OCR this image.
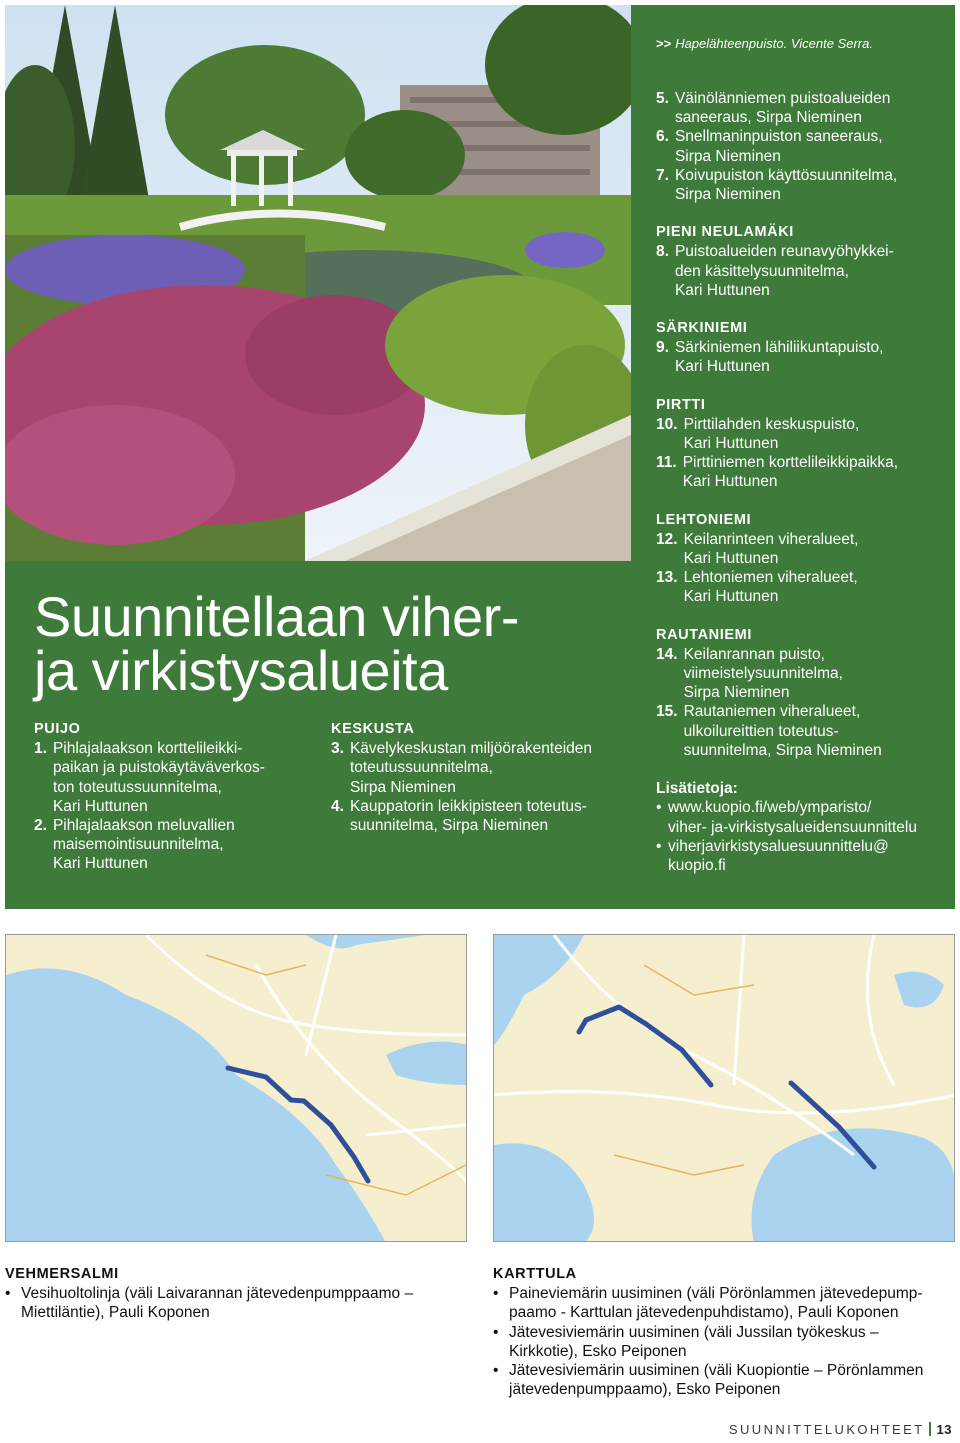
>> Hapelähteenpuisto. Vicente Serra.
Suunnitellaan viher-
ja virkistysalueita
PUIJO
1. Pihlajalaakson korttelileikki-
paikan ja puistokäytäväverkos-
ton toteutussuunnitelma,
Kari Huttunen
2. Pihlajalaakson meluvallien
maisemointisuunnitelma,
Kari Huttunen
KESKUSTA
3. Kävelykeskustan miljöörakenteiden
toteutussuunnitelma,
Sirpa Nieminen
4. Kauppatorin leikkipisteen toteutus-
suunnitelma, Sirpa Nieminen
5. Väinölänniemen puistoalueiden
saneeraus, Sirpa Nieminen
6. Snellmaninpuiston saneeraus,
Sirpa Nieminen
7. Koivupuiston käyttösuunnitelma,
Sirpa Nieminen
PIENI NEULAMÄKI
8. Puistoalueiden reunavyöhykkei-
den käsittelysuunnitelma,
Kari Huttunen
SÄRKINIEMI
9. Särkiniemen lähiliikuntapuisto,
Kari Huttunen
PIRTTI
10. Pirttilahden keskuspuisto,
Kari Huttunen
11. Pirttiniemen korttelileikkipaikka,
Kari Huttunen
LEHTONIEMI
12. Keilanrinteen viheralueet,
Kari Huttunen
13. Lehtoniemen viheralueet,
Kari Huttunen
RAUTANIEMI
14. Keilanrannan puisto,
viimeistelysuunnitelma,
Sirpa Nieminen
15. Rautaniemen viheralueet,
ulkoilureittien toteutus-
suunnitelma, Sirpa Nieminen
Lisätietoja:
• www.kuopio.fi/web/ymparisto/
viher- ja-virkistysalueidensuunnittelu
• viherjavirkistysaluesuunnittelu@
kuopio.fi
VEHMERSALMI
• Vesihuoltolinja (väli Laivarannan jätevedenpumppaamo –
Miettiläntie), Pauli Koponen
KARTTULA
• Paineviemärin uusiminen (väli Pörönlammen jätevedepump-
paamo - Karttulan jätevedenpuhdistamo), Pauli Koponen
• Jätevesiviemärin uusiminen (väli Jussilan työkeskus –
Kirkkotie), Esko Peiponen
• Jätevesiviemärin uusiminen (väli Kuopiontie – Pörönlammen
jätevedenpumppaamo), Esko Peiponen
SUUNNITTELUKOHTEET 13
